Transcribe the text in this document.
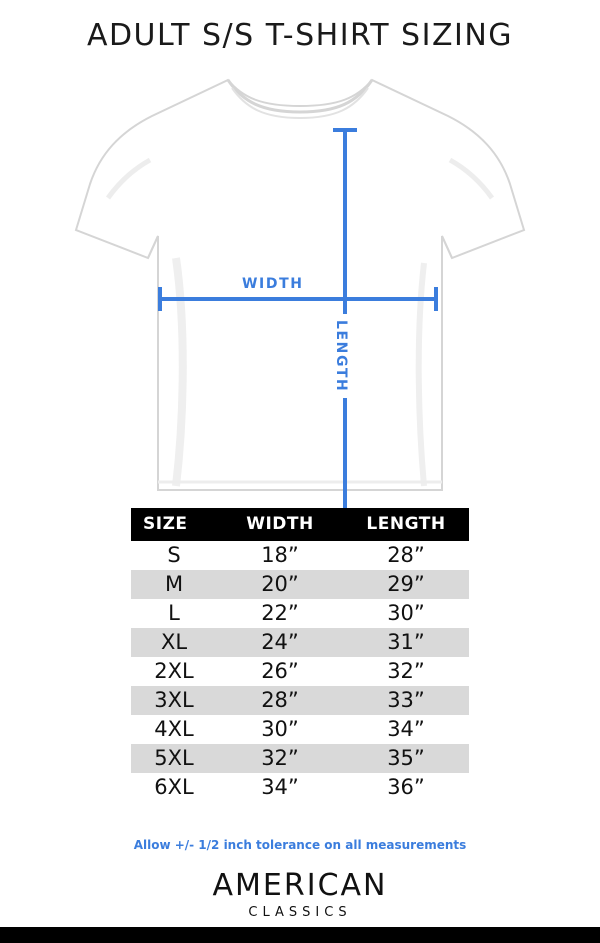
ADULT S/S T-SHIRT SIZING
WIDTH
LENGTH
SIZE	WIDTH	LENGTH
S	18”	28”
M	20”	29”
L	22”	30”
XL	24”	31”
2XL	26”	32”
3XL	28”	33”
4XL	30”	34”
5XL	32”	35”
6XL	34”	36”
Allow +/- 1/2 inch tolerance on all measurements
AMERICAN
CLASSICS
